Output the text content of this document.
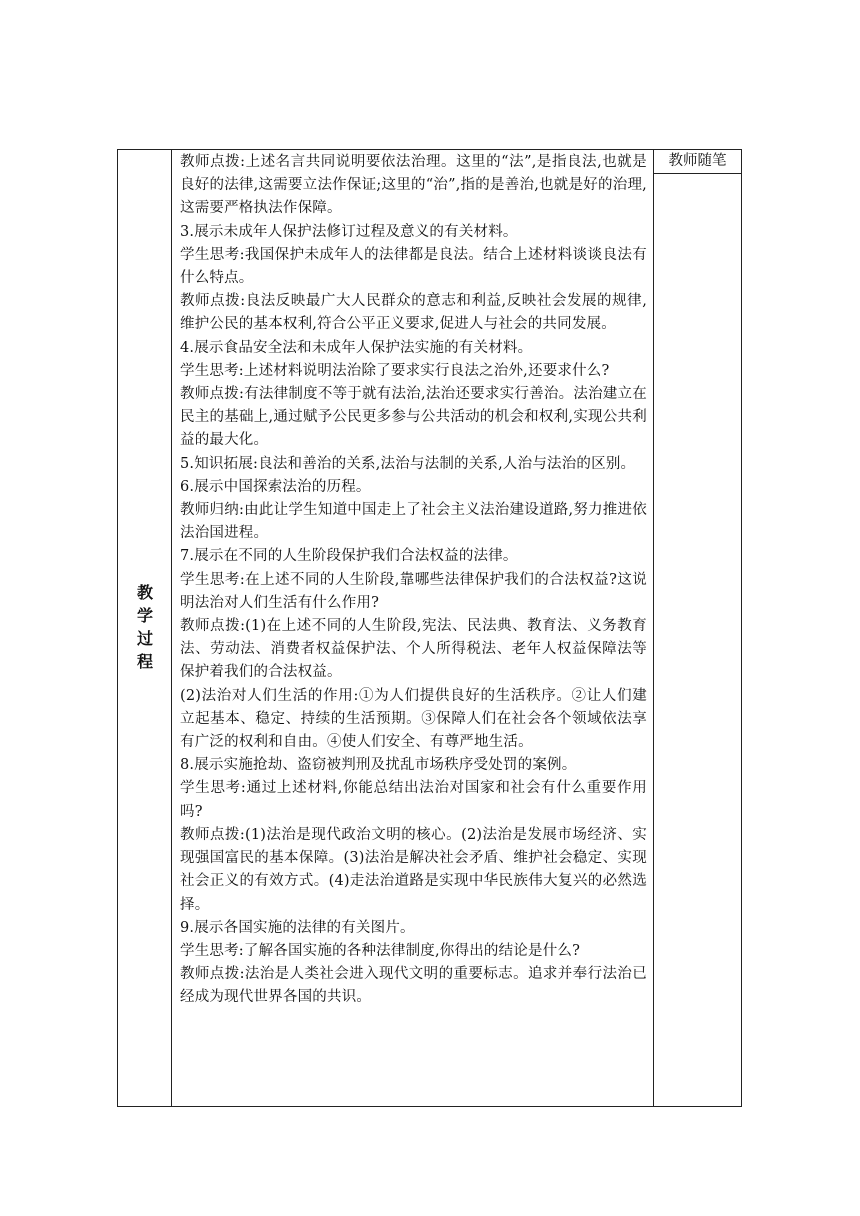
教
学
过
程

教师点拨:上述名言共同说明要依法治理。这里的“法”,是指良法,也就是良好的法律,这需要立法作保证;这里的“治”,指的是善治,也就是好的治理,这需要严格执法作保障。

3.展示未成年人保护法修订过程及意义的有关材料。

学生思考:我国保护未成年人的法律都是良法。结合上述材料谈谈良法有什么特点。

教师点拨:良法反映最广大人民群众的意志和利益,反映社会发展的规律,维护公民的基本权利,符合公平正义要求,促进人与社会的共同发展。

4.展示食品安全法和未成年人保护法实施的有关材料。

学生思考:上述材料说明法治除了要求实行良法之治外,还要求什么?

教师点拨:有法律制度不等于就有法治,法治还要求实行善治。法治建立在民主的基础上,通过赋予公民更多参与公共活动的机会和权利,实现公共利益的最大化。

5.知识拓展:良法和善治的关系,法治与法制的关系,人治与法治的区别。

6.展示中国探索法治的历程。

教师归纳:由此让学生知道中国走上了社会主义法治建设道路,努力推进依法治国进程。

7.展示在不同的人生阶段保护我们合法权益的法律。

学生思考:在上述不同的人生阶段,靠哪些法律保护我们的合法权益?这说明法治对人们生活有什么作用?

教师点拨:(1)在上述不同的人生阶段,宪法、民法典、教育法、义务教育法、劳动法、消费者权益保护法、个人所得税法、老年人权益保障法等保护着我们的合法权益。

(2)法治对人们生活的作用:①为人们提供良好的生活秩序。②让人们建立起基本、稳定、持续的生活预期。③保障人们在社会各个领域依法享有广泛的权利和自由。④使人们安全、有尊严地生活。

8.展示实施抢劫、盗窃被判刑及扰乱市场秩序受处罚的案例。

学生思考:通过上述材料,你能总结出法治对国家和社会有什么重要作用吗?

教师点拨:(1)法治是现代政治文明的核心。(2)法治是发展市场经济、实现强国富民的基本保障。(3)法治是解决社会矛盾、维护社会稳定、实现社会正义的有效方式。(4)走法治道路是实现中华民族伟大复兴的必然选择。

9.展示各国实施的法律的有关图片。

学生思考:了解各国实施的各种法律制度,你得出的结论是什么?

教师点拨:法治是人类社会进入现代文明的重要标志。追求并奉行法治已经成为现代世界各国的共识。

教师随笔
